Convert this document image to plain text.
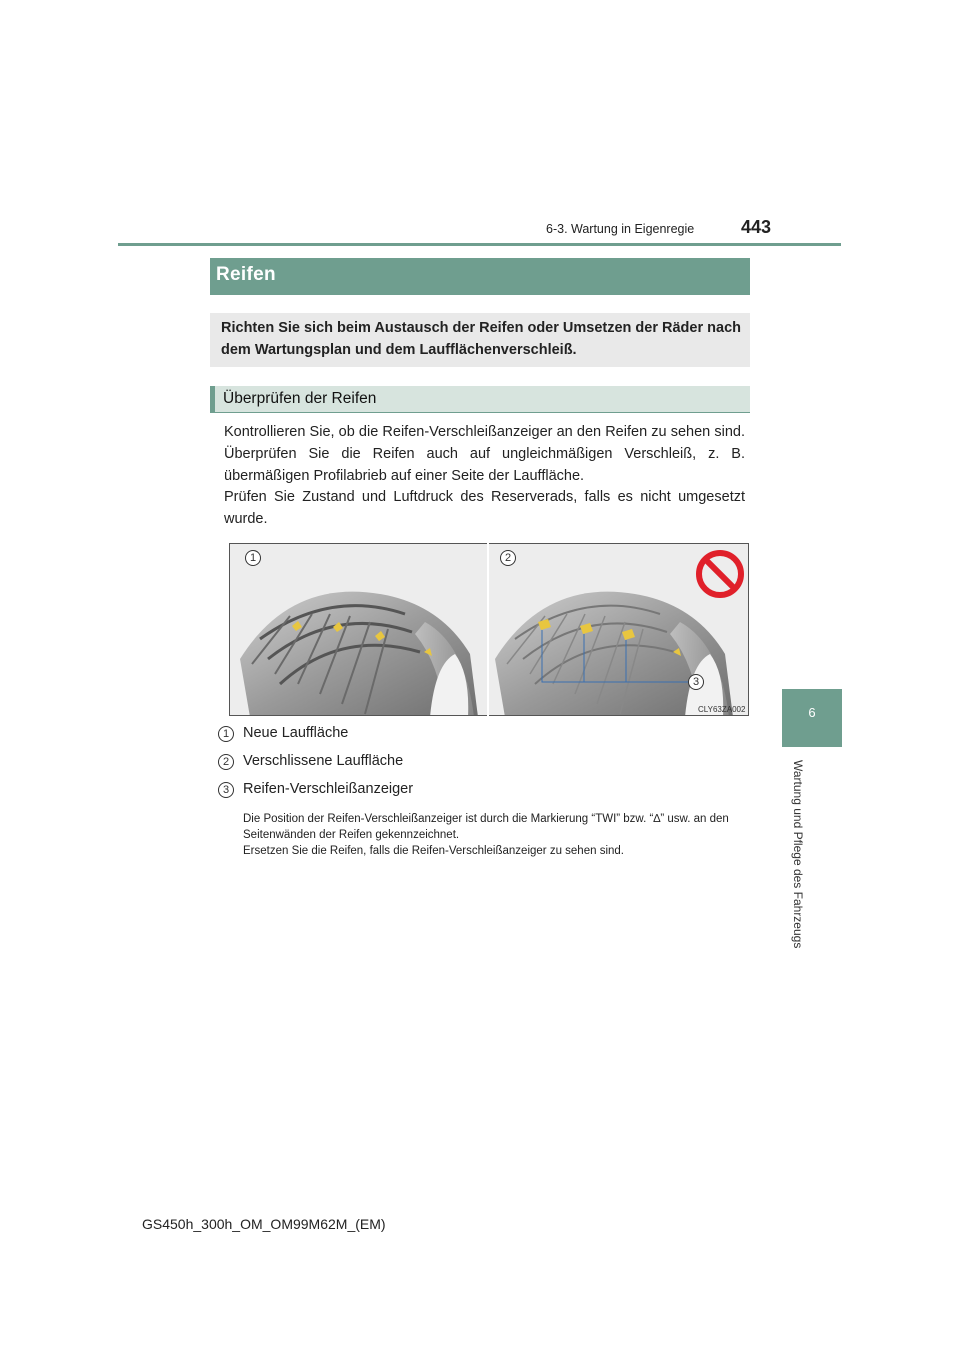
6-3. Wartung in Eigenregie	443
6
Wartung und Pflege des Fahrzeugs
Reifen
Richten Sie sich beim Austausch der Reifen oder Umsetzen der Räder nach dem Wartungsplan und dem Laufflächenverschleiß.
Überprüfen der Reifen
Kontrollieren Sie, ob die Reifen-Verschleißanzeiger an den Reifen zu sehen sind. Überprüfen Sie die Reifen auch auf ungleichmäßigen Verschleiß, z. B. übermäßigen Profilabrieb auf einer Seite der Lauffläche.
Prüfen Sie Zustand und Luftdruck des Reserverads, falls es nicht umgesetzt wurde.
1	2
3
CLY63ZA002
1 Neue Lauffläche
2 Verschlissene Lauffläche
3 Reifen-Verschleißanzeiger
Die Position der Reifen-Verschleißanzeiger ist durch die Markierung “TWI” bzw. “∆” usw. an den Seitenwänden der Reifen gekennzeichnet.
Ersetzen Sie die Reifen, falls die Reifen-Verschleißanzeiger zu sehen sind.
GS450h_300h_OM_OM99M62M_(EM)
